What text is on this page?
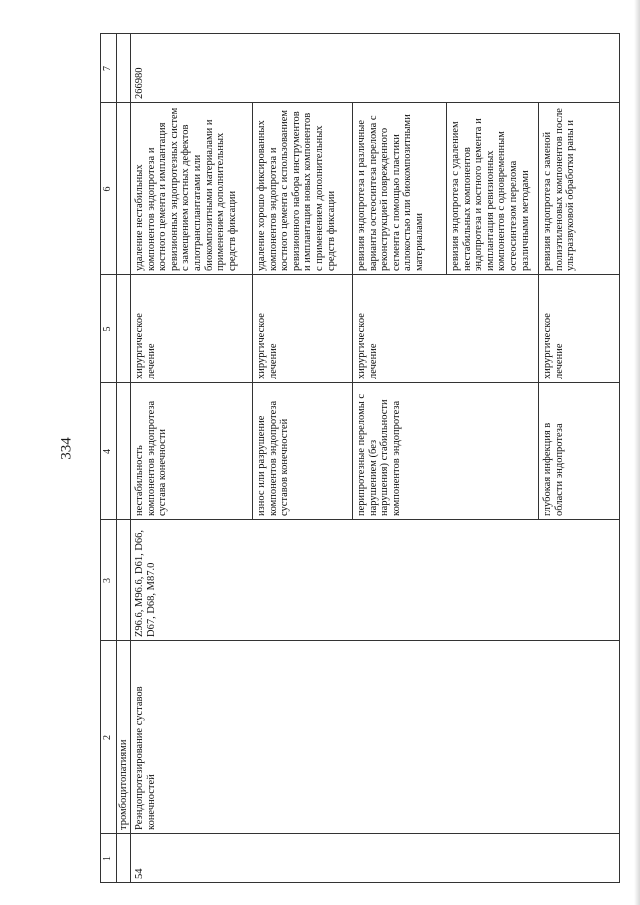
334
1
2
3
4
5
6
7
тромбоцитопатиями
54
Реэндопротезирование суставов конечностей
Z96.6, M96.6, D61, D66, D67, D68, M87.0
266980
нестабильность компонентов эндопротеза сустава конечности
хирургическое лечение
удаление нестабильных компонентов эндопротеза и костного цемента и имплантация ревизионных эндопротезных систем с замещением костных дефектов аллотрансплантатами или биокомпозитными материалами и применением дополнительных средств фиксации
износ или разрушение компонентов эндопротеза суставов конечностей
хирургическое лечение
удаление хорошо фиксированных компонентов эндопротеза и костного цемента с использованием ревизионного набора инструментов и имплантация новых компонентов с применением дополнительных средств фиксации
перипротезные переломы с нарушением (без нарушения) стабильности компонентов эндопротеза
хирургическое лечение
ревизия эндопротеза и различные варианты остеосинтеза перелома с реконструкцией поврежденного сегмента с помощью пластики аллокостью или биокомпозитными материалами ревизия эндопротеза с удалением нестабильных компонентов эндопротеза и костного цемента и имплантация ревизионных компонентов с одновременным остеосинтезом перелома различными методами
глубокая инфекция в области эндопротеза
хирургическое лечение
ревизия эндопротеза с заменой полиэтиленовых компонентов после ультразвуковой обработки раны и
